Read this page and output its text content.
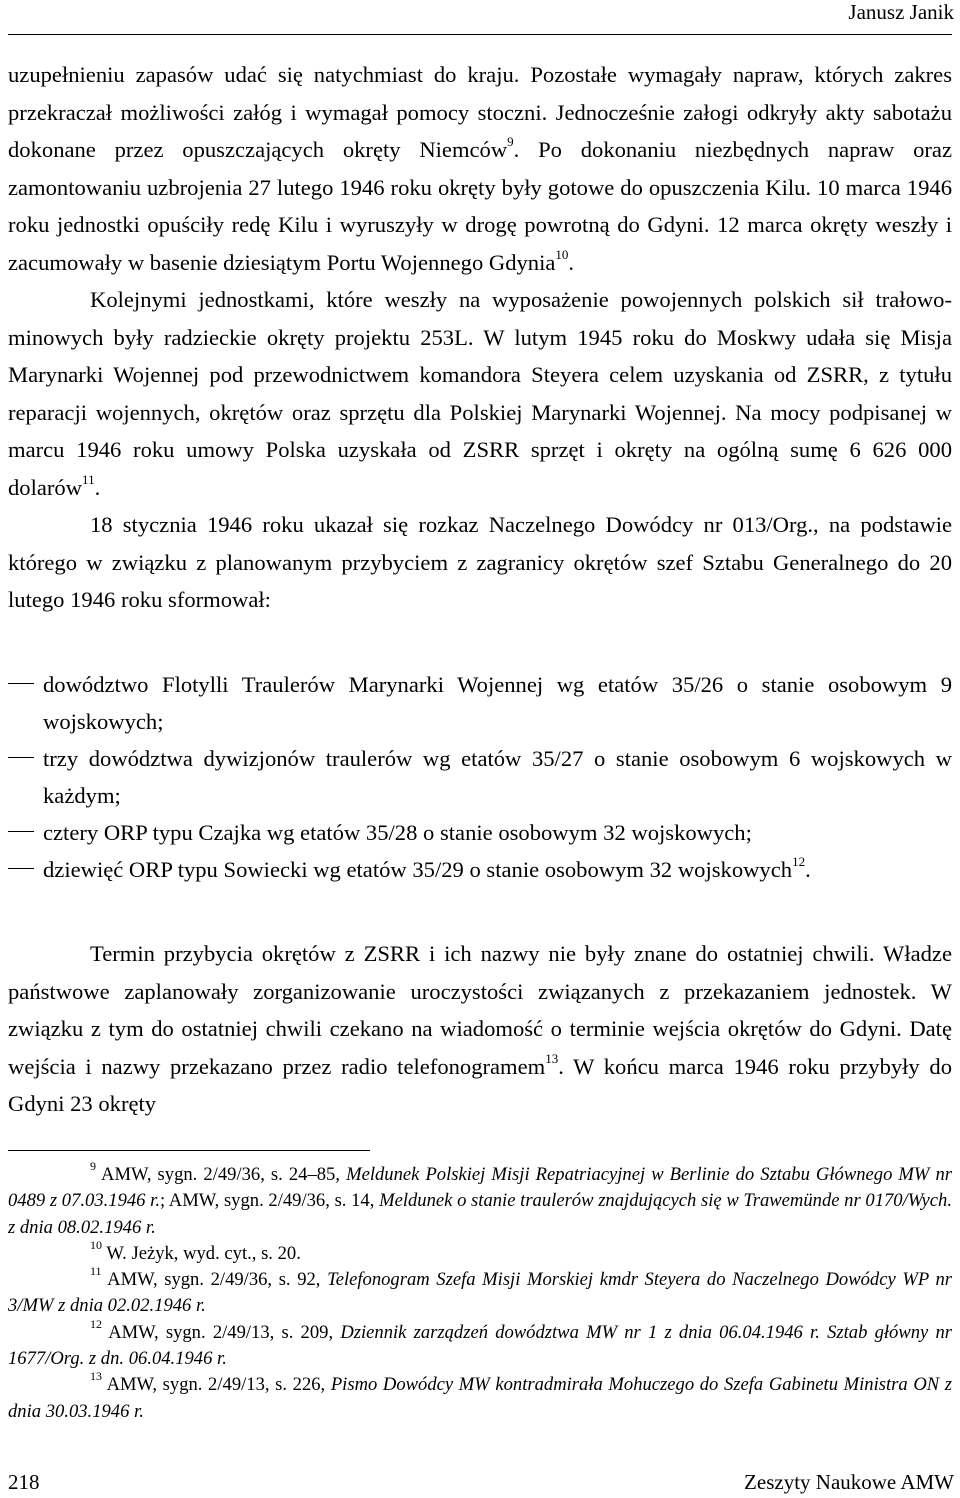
Janusz Janik

uzupełnieniu zapasów udać się natychmiast do kraju. Pozostałe wymagały napraw, których zakres przekraczał możliwości załóg i wymagał pomocy stoczni. Jednocześnie załogi odkryły akty sabotażu dokonane przez opuszczających okręty Niemców$^9$. Po dokonaniu niezbędnych napraw oraz zamontowaniu uzbrojenia 27 lutego 1946 roku okręty były gotowe do opuszczenia Kilu. 10 marca 1946 roku jednostki opuściły redę Kilu i wyruszyły w drogę powrotną do Gdyni. 12 marca okręty weszły i zacumowały w basenie dziesiątym Portu Wojennego Gdynia$^{10}$.

Kolejnymi jednostkami, które weszły na wyposażenie powojennych polskich sił trałowo-minowych były radzieckie okręty projektu 253L. W lutym 1945 roku do Moskwy udała się Misja Marynarki Wojennej pod przewodnictwem komandora Steyera celem uzyskania od ZSRR, z tytułu reparacji wojennych, okrętów oraz sprzętu dla Polskiej Marynarki Wojennej. Na mocy podpisanej w marcu 1946 roku umowy Polska uzyskała od ZSRR sprzęt i okręty na ogólną sumę 6 626 000 dolarów$^{11}$.

18 stycznia 1946 roku ukazał się rozkaz Naczelnego Dowódcy nr 013/Org., na podstawie którego w związku z planowanym przybyciem z zagranicy okrętów szef Sztabu Generalnego do 20 lutego 1946 roku sformował:

dowództwo Flotylli Traulerów Marynarki Wojennej wg etatów 35/26 o stanie osobowym 9 wojskowych;
trzy dowództwa dywizjonów traulerów wg etatów 35/27 o stanie osobowym 6 wojskowych w każdym;
cztery ORP typu Czajka wg etatów 35/28 o stanie osobowym 32 wojskowych;
dziewięć ORP typu Sowiecki wg etatów 35/29 o stanie osobowym 32 wojskowych$^{12}$.

Termin przybycia okrętów z ZSRR i ich nazwy nie były znane do ostatniej chwili. Władze państwowe zaplanowały zorganizowanie uroczystości związanych z przekazaniem jednostek. W związku z tym do ostatniej chwili czekano na wiadomość o terminie wejścia okrętów do Gdyni. Datę wejścia i nazwy przekazano przez radio telefonogramem$^{13}$. W końcu marca 1946 roku przybyły do Gdyni 23 okręty

$^9$ AMW, sygn. 2/49/36, s. 24–85, Meldunek Polskiej Misji Repatriacyjnej w Berlinie do Sztabu Głównego MW nr 0489 z 07.03.1946 r.; AMW, sygn. 2/49/36, s. 14, Meldunek o stanie traulerów znajdujących się w Trawemünde nr 0170/Wych. z dnia 08.02.1946 r.

$^{10}$ W. Jeżyk, wyd. cyt., s. 20.

$^{11}$ AMW, sygn. 2/49/36, s. 92, Telefonogram Szefa Misji Morskiej kmdr Steyera do Naczelnego Dowódcy WP nr 3/MW z dnia 02.02.1946 r.

$^{12}$ AMW, sygn. 2/49/13, s. 209, Dziennik zarządzeń dowództwa MW nr 1 z dnia 06.04.1946 r. Sztab główny nr 1677/Org. z dn. 06.04.1946 r.

$^{13}$ AMW, sygn. 2/49/13, s. 226, Pismo Dowódcy MW kontradmirała Mohuczego do Szefa Gabinetu Ministra ON z dnia 30.03.1946 r.

218	Zeszyty Naukowe AMW
